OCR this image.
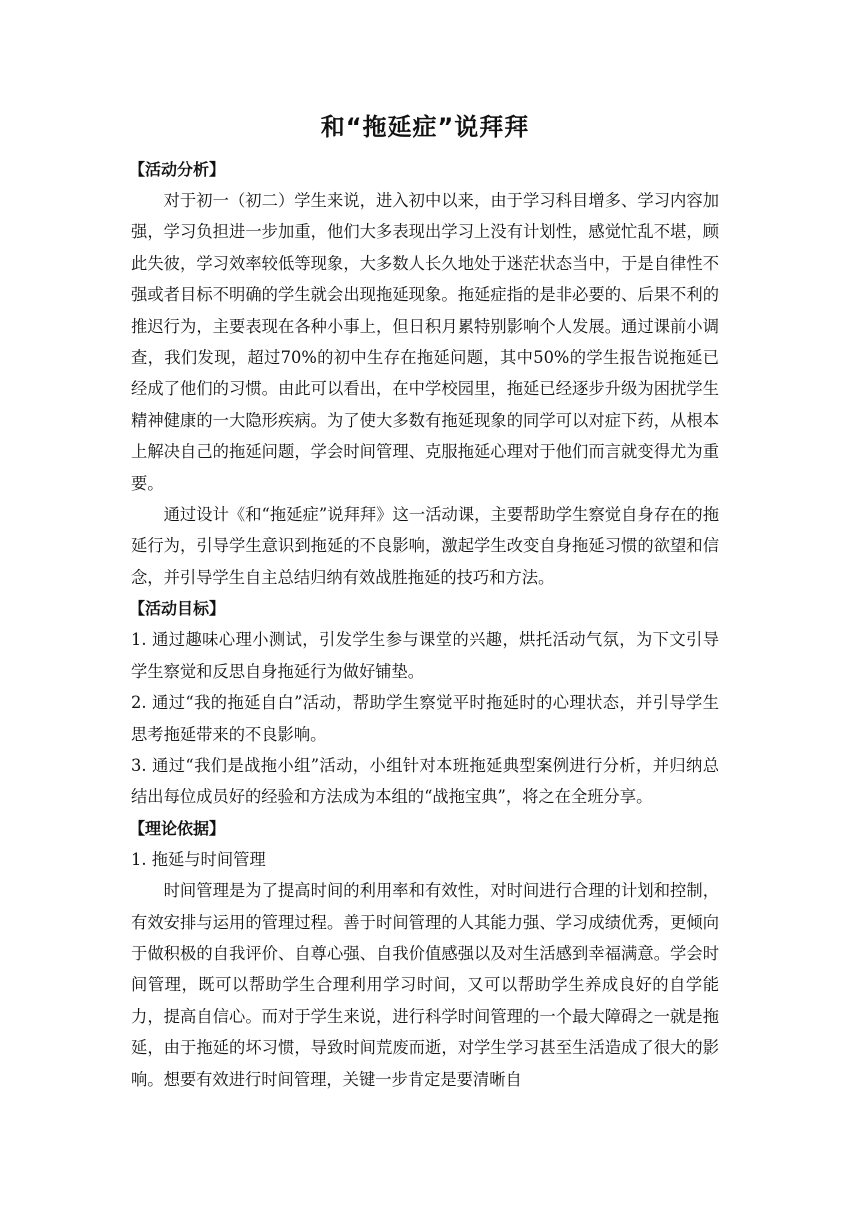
和“拖延症”说拜拜
【活动分析】

对于初一（初二）学生来说，进入初中以来，由于学习科目增多、学习内容加强，学习负担进一步加重，他们大多表现出学习上没有计划性，感觉忙乱不堪，顾此失彼，学习效率较低等现象，大多数人长久地处于迷茫状态当中，于是自律性不强或者目标不明确的学生就会出现拖延现象。拖延症指的是非必要的、后果不利的推迟行为，主要表现在各种小事上，但日积月累特别影响个人发展。通过课前小调查，我们发现，超过70%的初中生存在拖延问题，其中50%的学生报告说拖延已经成了他们的习惯。由此可以看出，在中学校园里，拖延已经逐步升级为困扰学生精神健康的一大隐形疾病。为了使大多数有拖延现象的同学可以对症下药，从根本上解决自己的拖延问题，学会时间管理、克服拖延心理对于他们而言就变得尤为重要。

通过设计《和“拖延症”说拜拜》这一活动课，主要帮助学生察觉自身存在的拖延行为，引导学生意识到拖延的不良影响，激起学生改变自身拖延习惯的欲望和信念，并引导学生自主总结归纳有效战胜拖延的技巧和方法。

【活动目标】

1. 通过趣味心理小测试，引发学生参与课堂的兴趣，烘托活动气氛，为下文引导学生察觉和反思自身拖延行为做好铺垫。

2. 通过“我的拖延自白”活动，帮助学生察觉平时拖延时的心理状态，并引导学生思考拖延带来的不良影响。

3. 通过“我们是战拖小组”活动，小组针对本班拖延典型案例进行分析，并归纳总结出每位成员好的经验和方法成为本组的“战拖宝典”，将之在全班分享。

【理论依据】

1. 拖延与时间管理

时间管理是为了提高时间的利用率和有效性，对时间进行合理的计划和控制，有效安排与运用的管理过程。善于时间管理的人其能力强、学习成绩优秀，更倾向于做积极的自我评价、自尊心强、自我价值感强以及对生活感到幸福满意。学会时间管理，既可以帮助学生合理利用学习时间，又可以帮助学生养成良好的自学能力，提高自信心。而对于学生来说，进行科学时间管理的一个最大障碍之一就是拖延，由于拖延的坏习惯，导致时间荒废而逝，对学生学习甚至生活造成了很大的影响。想要有效进行时间管理，关键一步肯定是要清晰自
